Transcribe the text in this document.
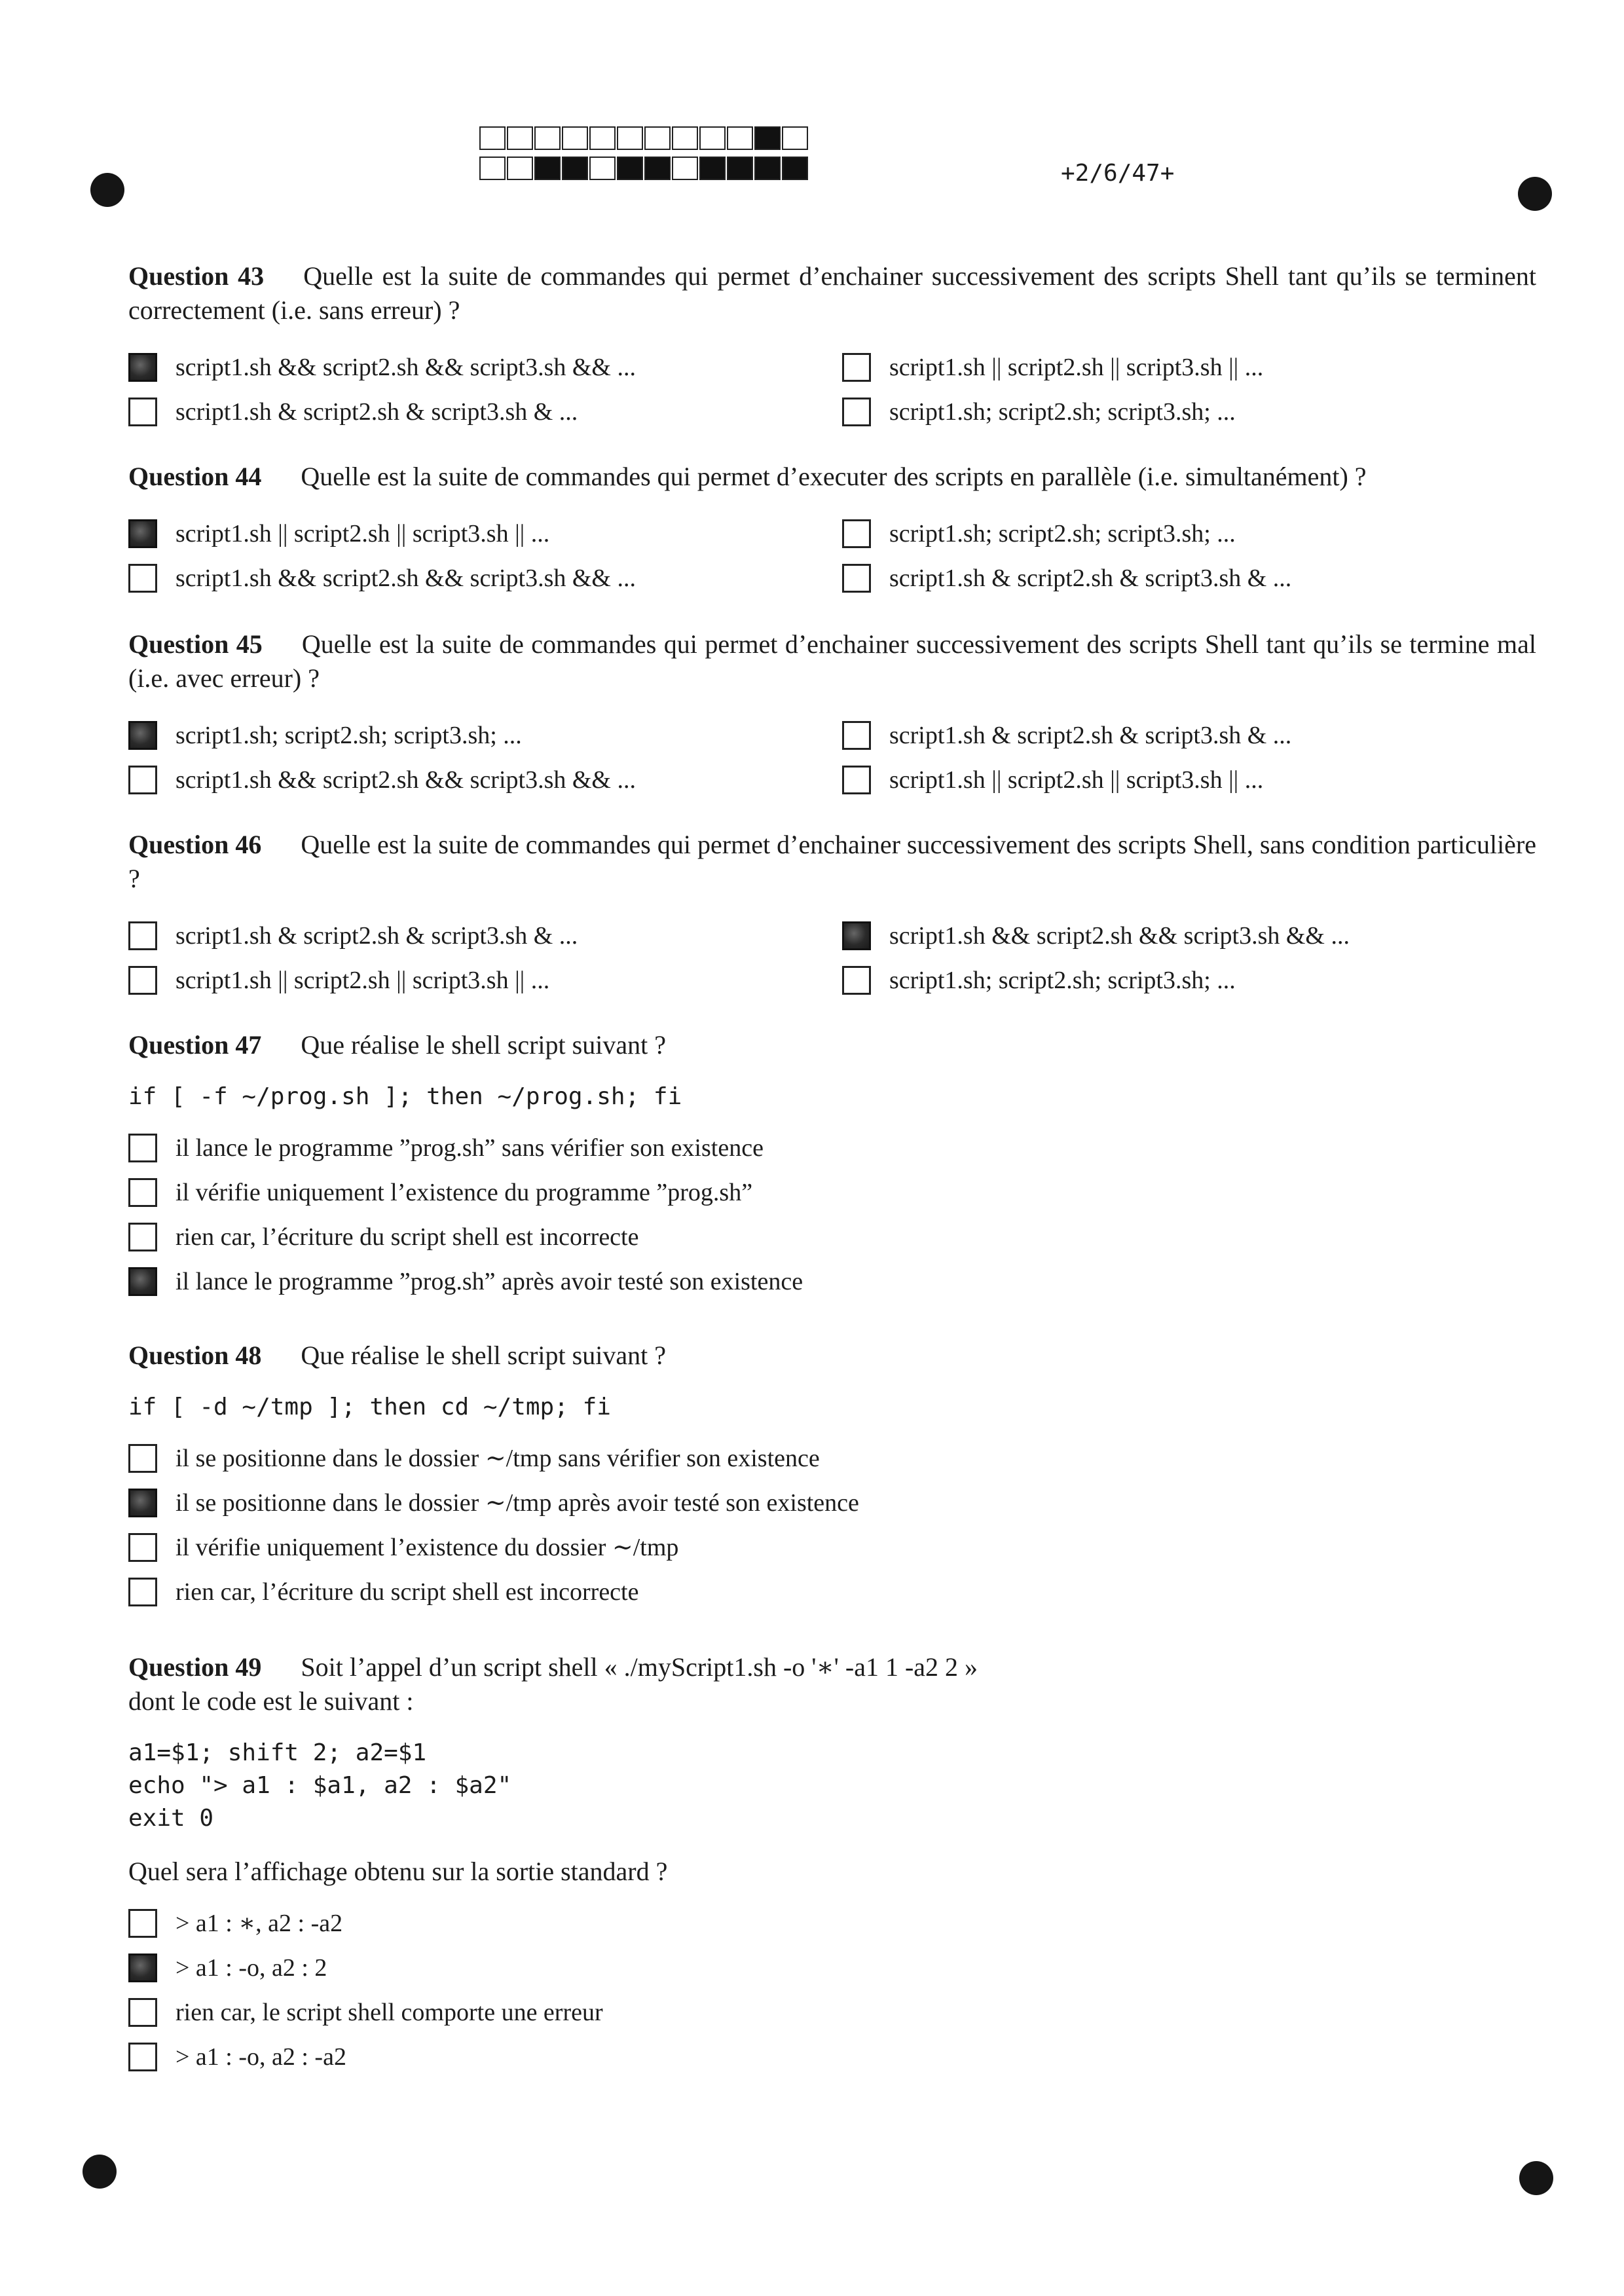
+2/6/47+
Question 43 Quelle est la suite de commandes qui permet d’enchainer successivement des scripts Shell tant qu’ils se terminent correctement (i.e. sans erreur) ?
script1.sh && script2.sh && script3.sh && ...	script1.sh || script2.sh || script3.sh || ...
script1.sh & script2.sh & script3.sh & ...	script1.sh; script2.sh; script3.sh; ...
Question 44 Quelle est la suite de commandes qui permet d’executer des scripts en parallèle (i.e. simultanément) ?
script1.sh || script2.sh || script3.sh || ...	script1.sh; script2.sh; script3.sh; ...
script1.sh && script2.sh && script3.sh && ...	script1.sh & script2.sh & script3.sh & ...
Question 45 Quelle est la suite de commandes qui permet d’enchainer successivement des scripts Shell tant qu’ils se termine mal (i.e. avec erreur) ?
script1.sh; script2.sh; script3.sh; ...	script1.sh & script2.sh & script3.sh & ...
script1.sh && script2.sh && script3.sh && ...	script1.sh || script2.sh || script3.sh || ...
Question 46 Quelle est la suite de commandes qui permet d’enchainer successivement des scripts Shell, sans condition particulière ?
script1.sh & script2.sh & script3.sh & ...	script1.sh && script2.sh && script3.sh && ...
script1.sh || script2.sh || script3.sh || ...	script1.sh; script2.sh; script3.sh; ...
Question 47 Que réalise le shell script suivant ?
if [ -f ~/prog.sh ]; then ~/prog.sh; fi
il lance le programme ”prog.sh” sans vérifier son existence
il vérifie uniquement l’existence du programme ”prog.sh”
rien car, l’écriture du script shell est incorrecte
il lance le programme ”prog.sh” après avoir testé son existence
Question 48 Que réalise le shell script suivant ?
if [ -d ~/tmp ]; then cd ~/tmp; fi
il se positionne dans le dossier ∼/tmp sans vérifier son existence
il se positionne dans le dossier ∼/tmp après avoir testé son existence
il vérifie uniquement l’existence du dossier ∼/tmp
rien car, l’écriture du script shell est incorrecte
Question 49 Soit l’appel d’un script shell « ./myScript1.sh -o '∗' -a1 1 -a2 2 »
dont le code est le suivant :
a1=$1; shift 2; a2=$1
echo "> a1 : $a1, a2 : $a2"
exit 0
Quel sera l’affichage obtenu sur la sortie standard ?
> a1 : ∗, a2 : -a2
> a1 : -o, a2 : 2
rien car, le script shell comporte une erreur
> a1 : -o, a2 : -a2
